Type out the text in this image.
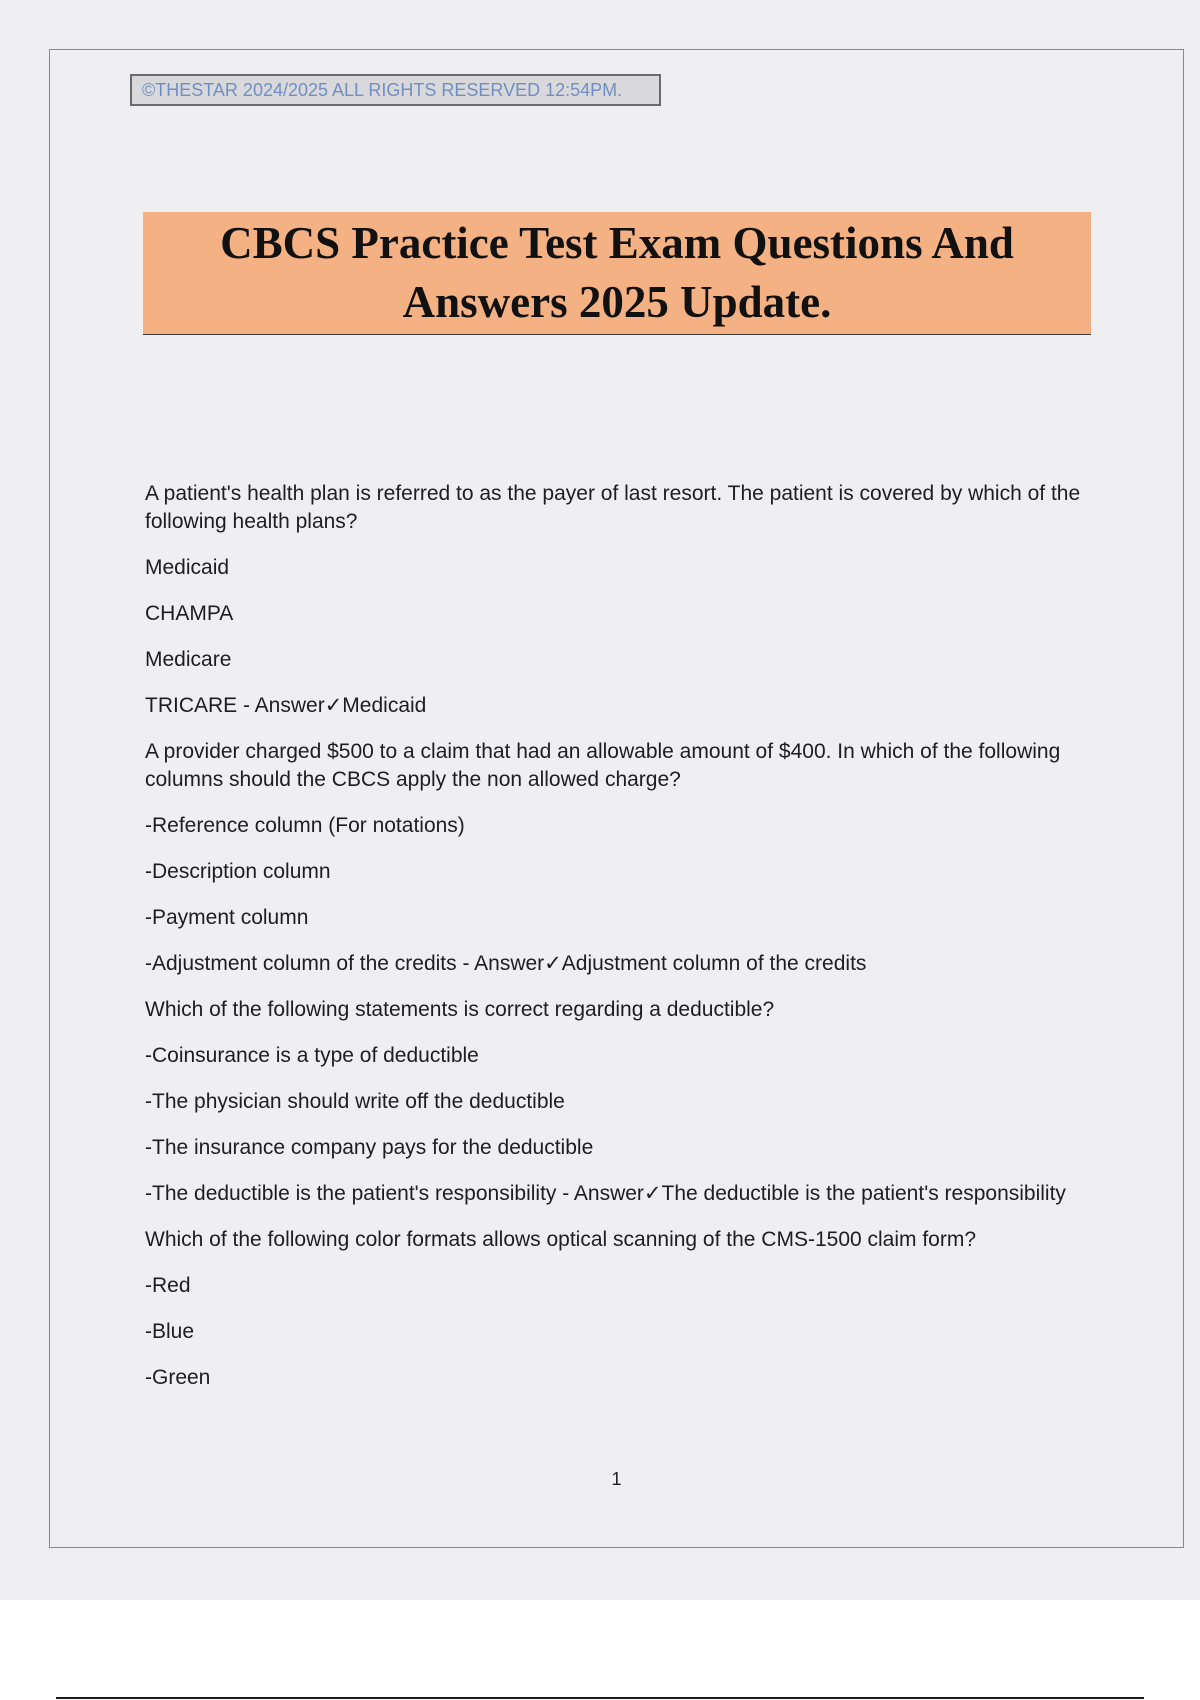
©THESTAR 2024/2025 ALL RIGHTS RESERVED 12:54PM.
CBCS Practice Test Exam Questions And
Answers 2025 Update.

A patient's health plan is referred to as the payer of last resort. The patient is covered by which of the following health plans?

Medicaid

CHAMPA

Medicare

TRICARE - Answer✓Medicaid

A provider charged $500 to a claim that had an allowable amount of $400. In which of the following columns should the CBCS apply the non allowed charge?

-Reference column (For notations)

-Description column

-Payment column

-Adjustment column of the credits - Answer✓Adjustment column of the credits

Which of the following statements is correct regarding a deductible?

-Coinsurance is a type of deductible

-The physician should write off the deductible

-The insurance company pays for the deductible

-The deductible is the patient's responsibility - Answer✓The deductible is the patient's responsibility

Which of the following color formats allows optical scanning of the CMS-1500 claim form?

-Red

-Blue

-Green

1
